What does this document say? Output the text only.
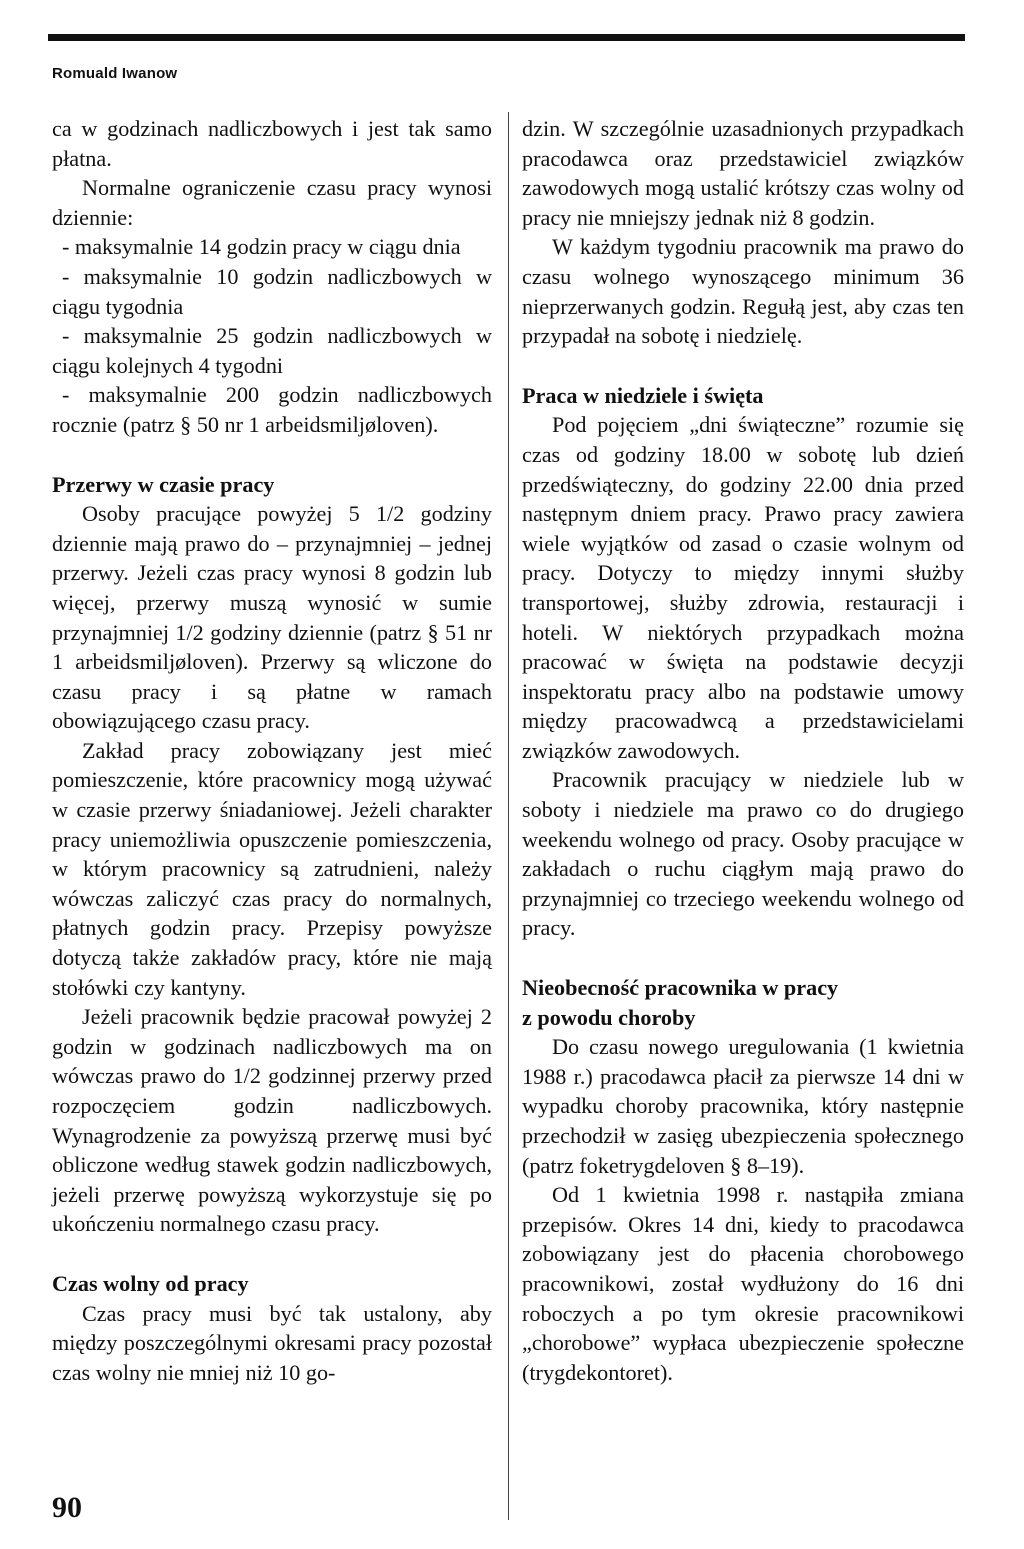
Romuald Iwanow

ca w godzinach nadliczbowych i jest tak samo płatna.

Normalne ograniczenie czasu pracy wynosi dziennie:

- maksymalnie 14 godzin pracy w ciągu dnia

- maksymalnie 10 godzin nadliczbowych w ciągu tygodnia

- maksymalnie 25 godzin nadliczbowych w ciągu kolejnych 4 tygodni

- maksymalnie 200 godzin nadliczbowych rocznie (patrz § 50 nr 1 arbeidsmiljøloven).

Przerwy w czasie pracy

Osoby pracujące powyżej 5 1/2 godziny dziennie mają prawo do – przynajmniej – jednej przerwy. Jeżeli czas pracy wynosi 8 godzin lub więcej, przerwy muszą wynosić w sumie przynajmniej 1/2 godziny dziennie (patrz § 51 nr 1 arbeidsmiljøloven). Przerwy są wliczone do czasu pracy i są płatne w ramach obowiązującego czasu pracy.

Zakład pracy zobowiązany jest mieć pomieszczenie, które pracownicy mogą używać w czasie przerwy śniadaniowej. Jeżeli charakter pracy uniemożliwia opuszczenie pomieszczenia, w którym pracownicy są zatrudnieni, należy wówczas zaliczyć czas pracy do normalnych, płatnych godzin pracy. Przepisy powyższe dotyczą także zakładów pracy, które nie mają stołówki czy kantyny.

Jeżeli pracownik będzie pracował powyżej 2 godzin w godzinach nadliczbowych ma on wówczas prawo do 1/2 godzinnej przerwy przed rozpoczęciem godzin nadliczbowych. Wynagrodzenie za powyższą przerwę musi być obliczone według stawek godzin nadliczbowych, jeżeli przerwę powyższą wykorzystuje się po ukończeniu normalnego czasu pracy.

Czas wolny od pracy

Czas pracy musi być tak ustalony, aby między poszczególnymi okresami pracy pozostał czas wolny nie mniej niż 10 go-

dzin. W szczególnie uzasadnionych przypadkach pracodawca oraz przedstawiciel związków zawodowych mogą ustalić krótszy czas wolny od pracy nie mniejszy jednak niż 8 godzin.

W każdym tygodniu pracownik ma prawo do czasu wolnego wynoszącego minimum 36 nieprzerwanych godzin. Regułą jest, aby czas ten przypadał na sobotę i niedzielę.

Praca w niedziele i święta

Pod pojęciem „dni świąteczne” rozumie się czas od godziny 18.00 w sobotę lub dzień przedświąteczny, do godziny 22.00 dnia przed następnym dniem pracy. Prawo pracy zawiera wiele wyjątków od zasad o czasie wolnym od pracy. Dotyczy to między innymi służby transportowej, służby zdrowia, restauracji i hoteli. W niektórych przypadkach można pracować w święta na podstawie decyzji inspektoratu pracy albo na podstawie umowy między pracowadwcą a przedstawicielami związków zawodowych.

Pracownik pracujący w niedziele lub w soboty i niedziele ma prawo co do drugiego weekendu wolnego od pracy. Osoby pracujące w zakładach o ruchu ciągłym mają prawo do przynajmniej co trzeciego weekendu wolnego od pracy.

Nieobecność pracownika w pracy
z powodu choroby

Do czasu nowego uregulowania (1 kwietnia 1988 r.) pracodawca płacił za pierwsze 14 dni w wypadku choroby pracownika, który następnie przechodził w zasięg ubezpieczenia społecznego (patrz foketrygdeloven § 8–19).

Od 1 kwietnia 1998 r. nastąpiła zmiana przepisów. Okres 14 dni, kiedy to pracodawca zobowiązany jest do płacenia chorobowego pracownikowi, został wydłużony do 16 dni roboczych a po tym okresie pracownikowi „chorobowe” wypłaca ubezpieczenie społeczne (trygdekontoret).

90
